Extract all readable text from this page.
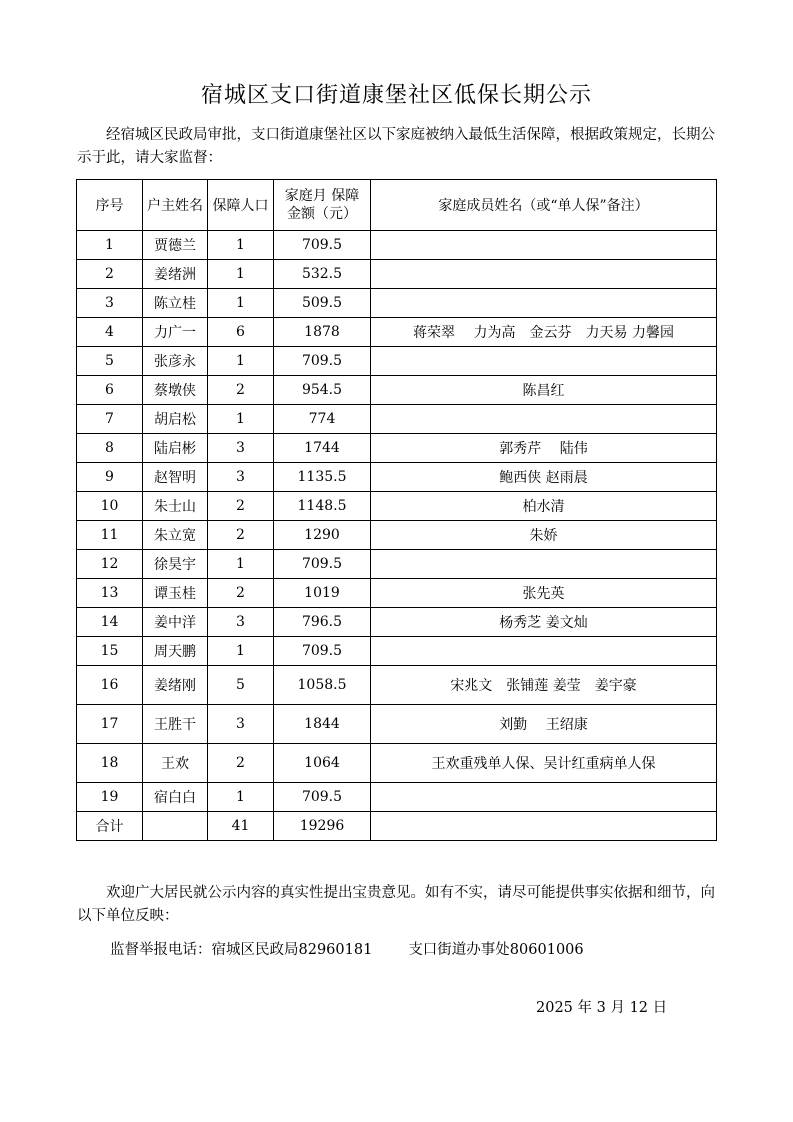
宿城区支口街道康堡社区低保长期公示
经宿城区民政局审批，支口街道康堡社区以下家庭被纳入最低生活保障，根据政策规定，长期公示于此，请大家监督：
序号	户主姓名	保障人口	家庭月 保障
金额（元）	家庭成员姓名（或“单人保”备注）
1	贾德兰	1	709.5	
2	姜绪洲	1	532.5	
3	陈立桂	1	509.5	
4	力广一	6	1878	蒋荣翠　 力为高　金云芬　力天易 力馨园
5	张彦永	1	709.5	
6	蔡墩侠	2	954.5	陈昌红
7	胡启松	1	774	
8	陆启彬	3	1744	郭秀芹　 陆伟
9	赵智明	3	1135.5	鲍西侠 赵雨晨
10	朱士山	2	1148.5	柏水清
11	朱立宽	2	1290	朱娇
12	徐昊宇	1	709.5	
13	谭玉桂	2	1019	张先英
14	姜中洋	3	796.5	杨秀芝 姜文灿
15	周天鹏	1	709.5	
16	姜绪刚	5	1058.5	宋兆文　张铺莲 姜莹　姜宇豪
17	王胜干	3	1844	刘勤　 王绍康
18	王欢	2	1064	王欢重残单人保、吴计红重病单人保
19	宿白白	1	709.5	
合计		41	19296	
欢迎广大居民就公示内容的真实性提出宝贵意见。如有不实，请尽可能提供事实依据和细节，向以下单位反映：
监督举报电话：宿城区民政局82960181 支口街道办事处80601006
2025 年 3 月 12 日
